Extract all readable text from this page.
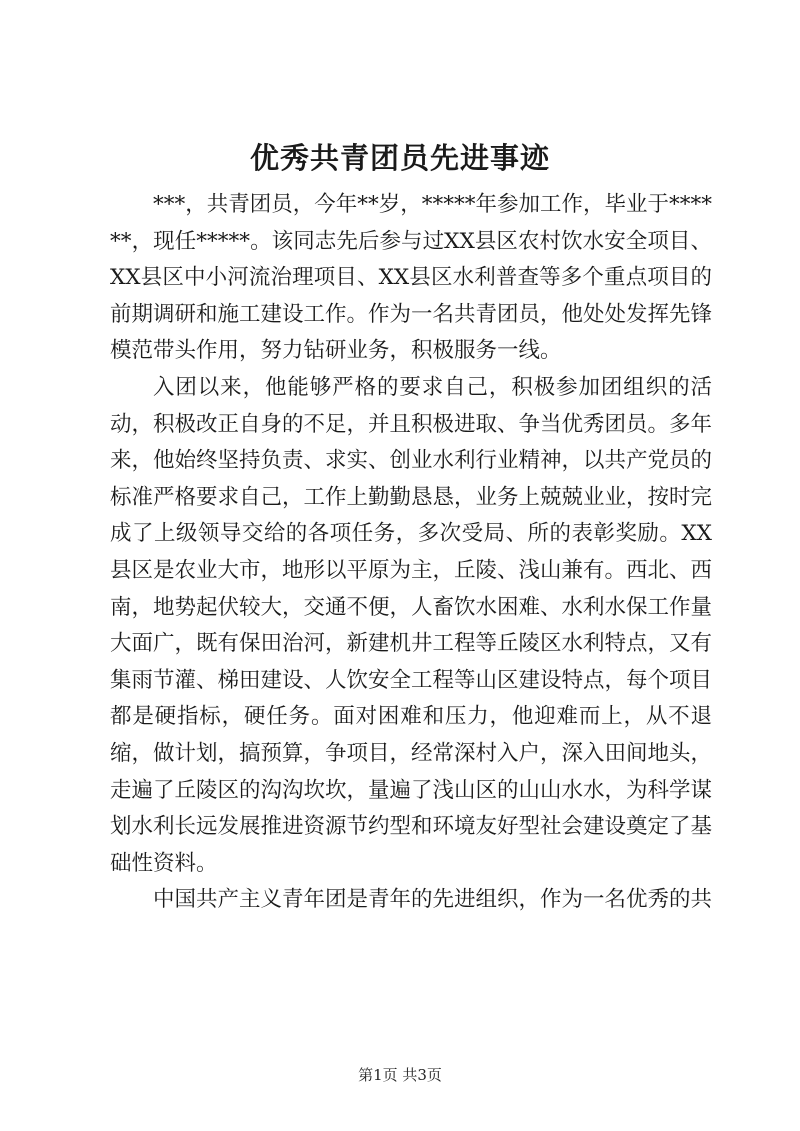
优秀共青团员先进事迹

***，共青团员，今年**岁，*****年参加工作，毕业于******，现任*****。该同志先后参与过XX县区农村饮水安全项目、XX县区中小河流治理项目、XX县区水利普查等多个重点项目的前期调研和施工建设工作。作为一名共青团员，他处处发挥先锋模范带头作用，努力钻研业务，积极服务一线。

入团以来，他能够严格的要求自己，积极参加团组织的活动，积极改正自身的不足，并且积极进取、争当优秀团员。多年来，他始终坚持负责、求实、创业水利行业精神，以共产党员的标准严格要求自己，工作上勤勤恳恳，业务上兢兢业业，按时完成了上级领导交给的各项任务，多次受局、所的表彰奖励。XX县区是农业大市，地形以平原为主，丘陵、浅山兼有。西北、西南，地势起伏较大，交通不便，人畜饮水困难、水利水保工作量大面广，既有保田治河，新建机井工程等丘陵区水利特点，又有集雨节灌、梯田建设、人饮安全工程等山区建设特点，每个项目都是硬指标，硬任务。面对困难和压力，他迎难而上，从不退缩，做计划，搞预算，争项目，经常深村入户，深入田间地头，走遍了丘陵区的沟沟坎坎，量遍了浅山区的山山水水，为科学谋划水利长远发展推进资源节约型和环境友好型社会建设奠定了基础性资料。

中国共产主义青年团是青年的先进组织，作为一名优秀的共

第1页 共3页
